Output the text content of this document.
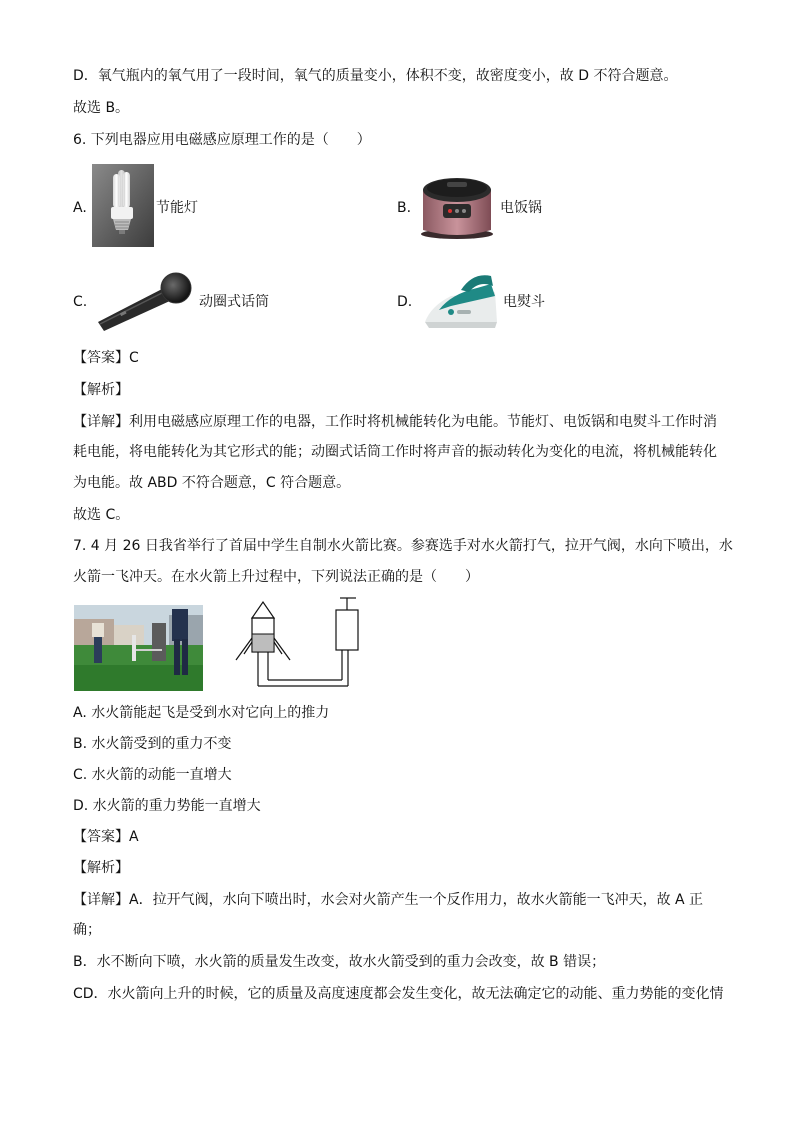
D．氧气瓶内的氧气用了一段时间，氧气的质量变小，体积不变，故密度变小，故 D 不符合题意。
故选 B。
6. 下列电器应用电磁感应原理工作的是（　　）
A.	节能灯	B.	电饭锅
C.	动圈式话筒	D.	电熨斗
【答案】C
【解析】
【详解】利用电磁感应原理工作的电器，工作时将机械能转化为电能。节能灯、电饭锅和电熨斗工作时消
耗电能，将电能转化为其它形式的能；动圈式话筒工作时将声音的振动转化为变化的电流，将机械能转化
为电能。故 ABD 不符合题意，C 符合题意。
故选 C。
7. 4 月 26 日我省举行了首届中学生自制水火箭比赛。参赛选手对水火箭打气，拉开气阀，水向下喷出，水
火箭一飞冲天。在水火箭上升过程中，下列说法正确的是（　　）
A. 水火箭能起飞是受到水对它向上的推力
B. 水火箭受到的重力不变
C. 水火箭的动能一直增大
D. 水火箭的重力势能一直增大
【答案】A
【解析】
【详解】A．拉开气阀，水向下喷出时，水会对火箭产生一个反作用力，故水火箭能一飞冲天，故 A 正
确；
B．水不断向下喷，水火箭的质量发生改变，故水火箭受到的重力会改变，故 B 错误；
CD．水火箭向上升的时候，它的质量及高度速度都会发生变化，故无法确定它的动能、重力势能的变化情
